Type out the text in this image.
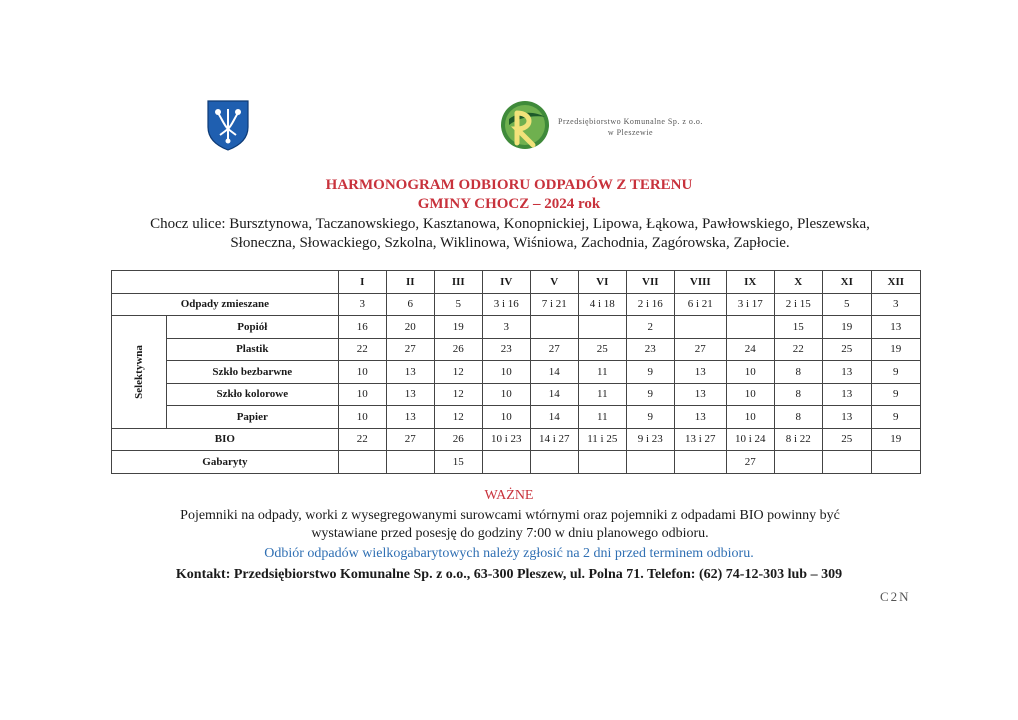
Przedsiębiorstwo Komunalne Sp. z o.o.
w Pleszewie
HARMONOGRAM ODBIORU ODPADÓW Z TERENU
GMINY CHOCZ – 2024 rok
Chocz ulice: Bursztynowa, Taczanowskiego, Kasztanowa, Konopnickiej, Lipowa, Łąkowa, Pawłowskiego, Pleszewska,
Słoneczna, Słowackiego, Szkolna, Wiklinowa, Wiśniowa, Zachodnia, Zagórowska, Zapłocie.
		I	II	III	IV	V	VI	VII	VIII	IX	X	XI	XII
Odpady zmieszane		3	6	5	3 i 16	7 i 21	4 i 18	2 i 16	6 i 21	3 i 17	2 i 15	5	3
Selektywna	Popiół	16	20	19	3			2			15	19	13
	Plastik	22	27	26	23	27	25	23	27	24	22	25	19
	Szkło bezbarwne	10	13	12	10	14	11	9	13	10	8	13	9
	Szkło kolorowe	10	13	12	10	14	11	9	13	10	8	13	9
	Papier	10	13	12	10	14	11	9	13	10	8	13	9
BIO		22	27	26	10 i 23	14 i 27	11 i 25	9 i 23	13 i 27	10 i 24	8 i 22	25	19
Gabaryty				15						27			
WAŻNE
Pojemniki na odpady, worki z wysegregowanymi surowcami wtórnymi oraz pojemniki z odpadami BIO powinny być
wystawiane przed posesję do godziny 7:00 w dniu planowego odbioru.
Odbiór odpadów wielkogabarytowych należy zgłosić na 2 dni przed terminem odbioru.
Kontakt: Przedsiębiorstwo Komunalne Sp. z o.o., 63-300 Pleszew, ul. Polna 71. Telefon: (62) 74-12-303 lub – 309
C2N
